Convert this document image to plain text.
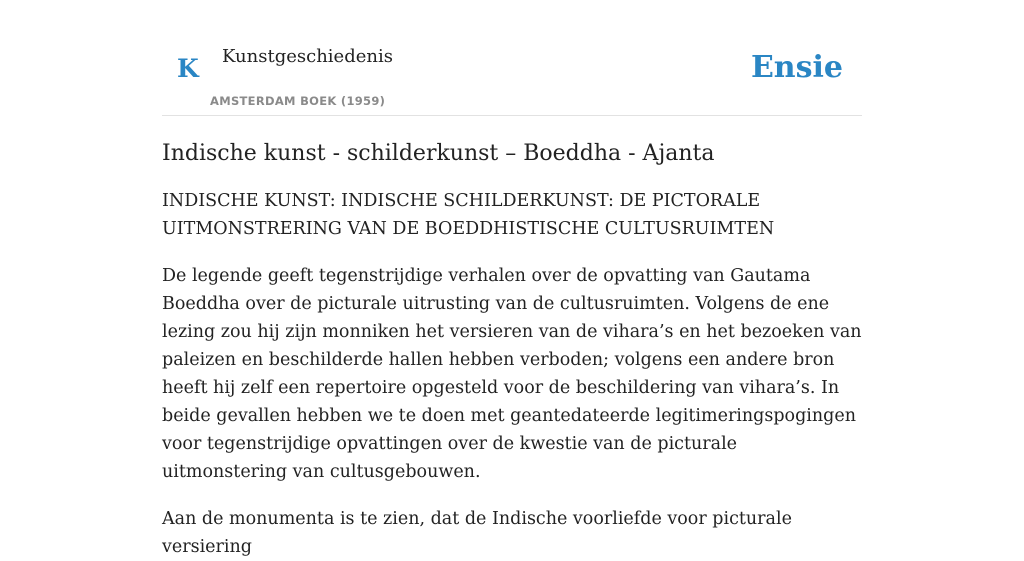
K Kunstgeschiedenis
AMSTERDAM BOEK (1959)
Ensie
Indische kunst - schilderkunst – Boeddha - Ajanta
INDISCHE KUNST: INDISCHE SCHILDERKUNST: DE PICTORALE UITMONSTRERING VAN DE BOEDDHISTISCHE CULTUSRUIMTEN

De legende geeft tegenstrijdige verhalen over de opvatting van Gautama Boeddha over de picturale uitrusting van de cultusruimten. Volgens de ene lezing zou hij zijn monniken het versieren van de vihara’s en het bezoeken van paleizen en beschilderde hallen hebben verboden; volgens een andere bron heeft hij zelf een repertoire opgesteld voor de beschildering van vihara’s. In beide gevallen hebben we te doen met geantedateerde legitimeringspogingen voor tegenstrijdige opvattingen over de kwestie van de picturale uitmonstering van cultusgebouwen.

Aan de monumenta is te zien, dat de Indische voorliefde voor picturale versiering
